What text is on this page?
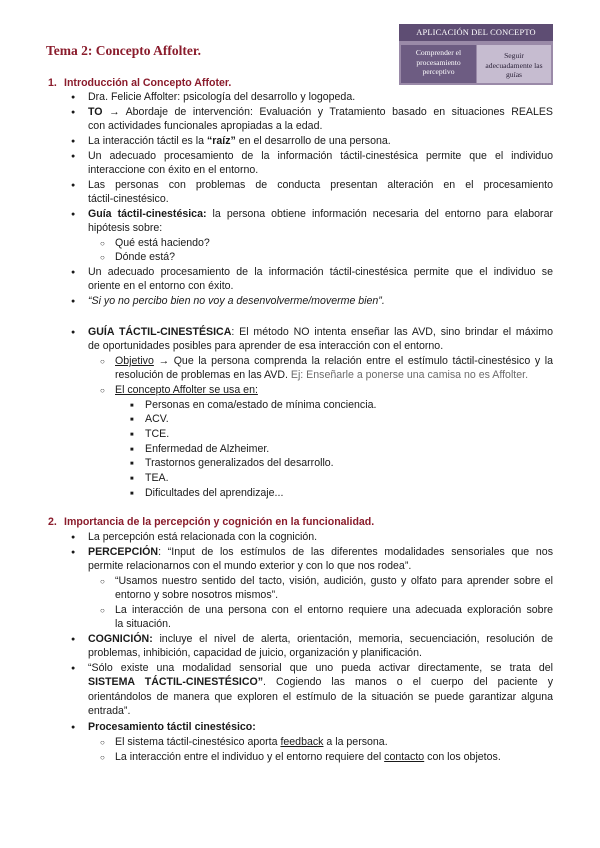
Tema 2: Concepto Affolter.
APLICACIÓN DEL CONCEPTO
Comprender el
procesamiento
perceptivo
Seguir
adecuadamente las
guías
1. Introducción al Concepto Affoter.
●
Dra. Felicie Affolter: psicología del desarrollo y logopeda.
●
TO → Abordaje de intervención: Evaluación y Tratamiento basado en situaciones REALES
con actividades funcionales apropiadas a la edad.
●
La interacción táctil es la “raíz” en el desarrollo de una persona.
●
Un adecuado procesamiento de la información táctil-cinestésica permite que el individuo
interaccione con éxito en el entorno.
●
Las personas con problemas de conducta presentan alteración en el procesamiento
táctil-cinestésico.
●
Guía táctil-cinestésica: la persona obtiene información necesaria del entorno para elaborar
hipótesis sobre:
○
Qué está haciendo?
○
Dónde está?
●
Un adecuado procesamiento de la información táctil-cinestésica permite que el individuo se
oriente en el entorno con éxito.
●
“Si yo no percibo bien no voy a desenvolverme/moverme bien”.
●
GUÍA TÁCTIL-CINESTÉSICA: El método NO intenta enseñar las AVD, sino brindar el máximo
de oportunidades posibles para aprender de esa interacción con el entorno.
○
Objetivo → Que la persona comprenda la relación entre el estímulo táctil-cinestésico y la
resolución de problemas en las AVD. Ej: Enseñarle a ponerse una camisa no es Affolter.
○
El concepto Affolter se usa en:
■
Personas en coma/estado de mínima conciencia.
■
ACV.
■
TCE.
■
Enfermedad de Alzheimer.
■
Trastornos generalizados del desarrollo.
■
TEA.
■
Dificultades del aprendizaje...
2. Importancia de la percepción y cognición en la funcionalidad.
●
La percepción está relacionada con la cognición.
●
PERCEPCIÓN: “Input de los estímulos de las diferentes modalidades sensoriales que nos
permite relacionarnos con el mundo exterior y con lo que nos rodea”.
○
“Usamos nuestro sentido del tacto, visión, audición, gusto y olfato para aprender sobre el
entorno y sobre nosotros mismos”.
○
La interacción de una persona con el entorno requiere una adecuada exploración sobre
la situación.
●
COGNICIÓN: incluye el nivel de alerta, orientación, memoria, secuenciación, resolución de
problemas, inhibición, capacidad de juicio, organización y planificación.
●
“Sólo existe una modalidad sensorial que uno pueda activar directamente, se trata del
SISTEMA TÁCTIL-CINESTÉSICO”. Cogiendo las manos o el cuerpo del paciente y
orientándolos de manera que exploren el estímulo de la situación se puede garantizar alguna
entrada”.
●
Procesamiento táctil cinestésico:
○
El sistema táctil-cinestésico aporta feedback a la persona.
○
La interacción entre el individuo y el entorno requiere del contacto con los objetos.
